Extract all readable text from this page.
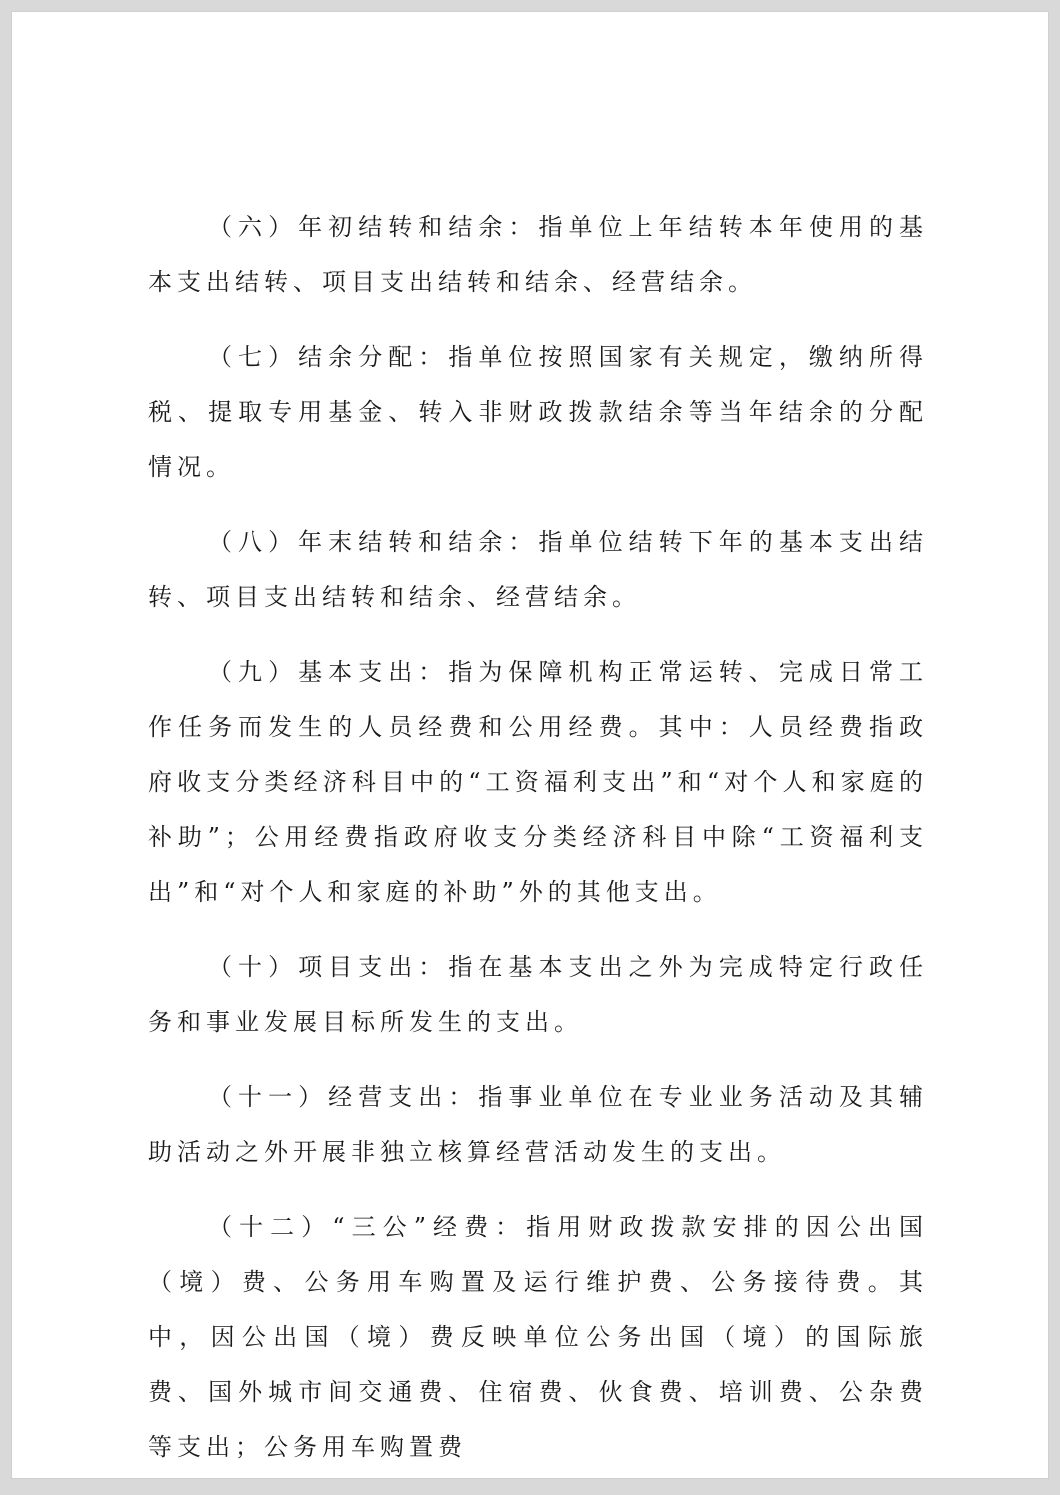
（六）年初结转和结余：指单位上年结转本年使用的基本支出结转、项目支出结转和结余、经营结余。

（七）结余分配：指单位按照国家有关规定，缴纳所得税、提取专用基金、转入非财政拨款结余等当年结余的分配情况。

（八）年末结转和结余：指单位结转下年的基本支出结转、项目支出结转和结余、经营结余。

（九）基本支出：指为保障机构正常运转、完成日常工作任务而发生的人员经费和公用经费。其中：人员经费指政府收支分类经济科目中的“工资福利支出”和“对个人和家庭的补助”；公用经费指政府收支分类经济科目中除“工资福利支出”和“对个人和家庭的补助”外的其他支出。

（十）项目支出：指在基本支出之外为完成特定行政任务和事业发展目标所发生的支出。

（十一）经营支出：指事业单位在专业业务活动及其辅助活动之外开展非独立核算经营活动发生的支出。

（十二）“三公”经费：指用财政拨款安排的因公出国（境）费、公务用车购置及运行维护费、公务接待费。其中，因公出国（境）费反映单位公务出国（境）的国际旅费、国外城市间交通费、住宿费、伙食费、培训费、公杂费等支出；公务用车购置费
